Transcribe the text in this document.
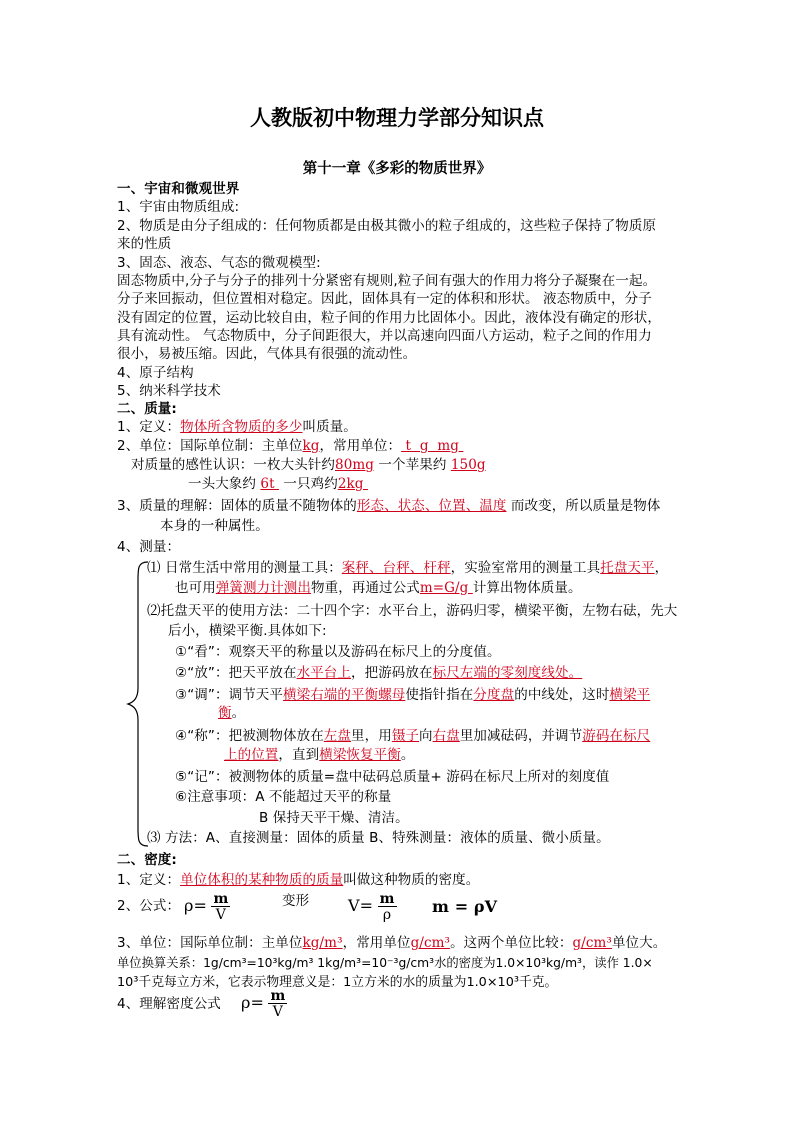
人教版初中物理力学部分知识点
第十一章《多彩的物质世界》
一、宇宙和微观世界
1、宇宙由物质组成:
2、物质是由分子组成的：任何物质都是由极其微小的粒子组成的，这些粒子保持了物质原
来的性质
3、固态、液态、气态的微观模型:
固态物质中,分子与分子的排列十分紧密有规则,粒子间有强大的作用力将分子凝聚在一起。
分子来回振动，但位置相对稳定。因此，固体具有一定的体积和形状。 液态物质中，分子
没有固定的位置，运动比较自由，粒子间的作用力比固体小。因此，液体没有确定的形状，
具有流动性。 气态物质中，分子间距很大，并以高速向四面八方运动，粒子之间的作用力
很小，易被压缩。因此，气体具有很强的流动性。
4、原子结构
5、纳米科学技术
二、质量:
1、定义：物体所含物质的多少叫质量。
2、单位：国际单位制：主单位kg，常用单位： t  g  mg
对质量的感性认识：一枚大头针约80mg 一个苹果约 150g
一头大象约 6t  一只鸡约2kg
3、质量的理解：固体的质量不随物体的形态、状态、位置、温度 而改变，所以质量是物体
本身的一种属性。
4、测量：
⑴ 日常生活中常用的测量工具：案秤、台秤、杆秤，实验室常用的测量工具托盘天平，
也可用弹簧测力计测出物重，再通过公式m=G/g 计算出物体质量。
⑵托盘天平的使用方法：二十四个字：水平台上，游码归零，横梁平衡，左物右砝，先大
后小，横梁平衡.具体如下:
①“看”：观察天平的称量以及游码在标尺上的分度值。
②“放”：把天平放在水平台上，把游码放在标尺左端的零刻度线处。
③“调”：调节天平横梁右端的平衡螺母使指针指在分度盘的中线处，这时横梁平
衡。
④“称”：把被测物体放在左盘里，用镊子向右盘里加减砝码，并调节游码在标尺
上的位置，直到横梁恢复平衡。
⑤“记”：被测物体的质量=盘中砝码总质量+ 游码在标尺上所对的刻度值
⑥注意事项：A 不能超过天平的称量
B 保持天平干燥、清洁。
⑶ 方法：A、直接测量：固体的质量 B、特殊测量：液体的质量、微小质量。
二、密度:
1、定义：单位体积的某种物质的质量叫做这种物质的密度。
2、公式： $\rho= \frac{m}{V}$	变形 $V= \frac{m}{\rho}$ m = ρV
3、单位：国际单位制：主单位kg/m³，常用单位g/cm³。这两个单位比较：g/cm³单位大。
单位换算关系：1g/cm³=10³kg/m³ 1kg/m³=10⁻³g/cm³水的密度为1.0×10³kg/m³，读作 1.0×
10³千克每立方米，它表示物理意义是：1立方米的水的质量为1.0×10³千克。
4、理解密度公式 $\rho= \frac{m}{V}$
